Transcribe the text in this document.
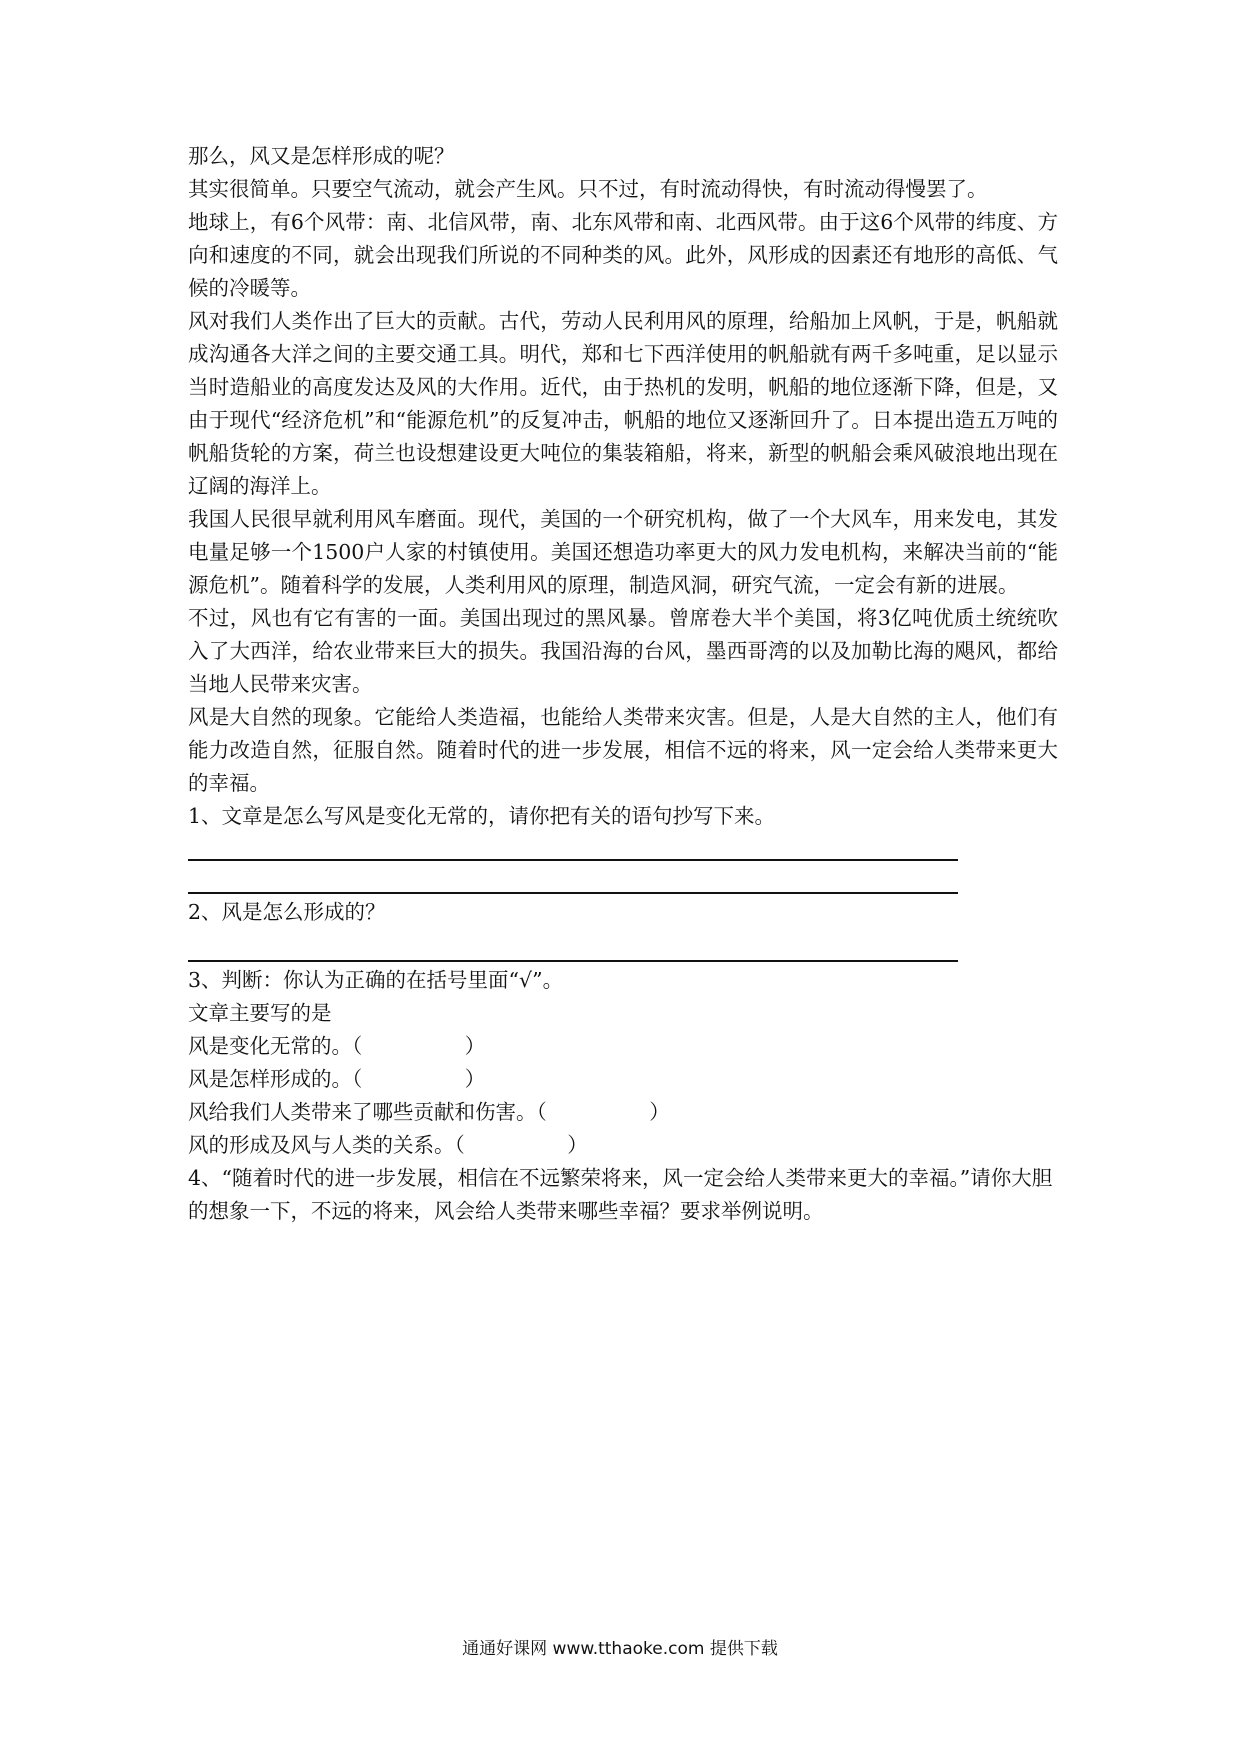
那么，风又是怎样形成的呢？

其实很简单。只要空气流动，就会产生风。只不过，有时流动得快，有时流动得慢罢了。

地球上，有6个风带：南、北信风带，南、北东风带和南、北西风带。由于这6个风带的纬度、方向和速度的不同，就会出现我们所说的不同种类的风。此外，风形成的因素还有地形的高低、气候的冷暖等。

风对我们人类作出了巨大的贡献。古代，劳动人民利用风的原理，给船加上风帆，于是，帆船就成沟通各大洋之间的主要交通工具。明代，郑和七下西洋使用的帆船就有两千多吨重，足以显示当时造船业的高度发达及风的大作用。近代，由于热机的发明，帆船的地位逐渐下降，但是，又由于现代“经济危机”和“能源危机”的反复冲击，帆船的地位又逐渐回升了。日本提出造五万吨的帆船货轮的方案，荷兰也设想建设更大吨位的集装箱船，将来，新型的帆船会乘风破浪地出现在辽阔的海洋上。

我国人民很早就利用风车磨面。现代，美国的一个研究机构，做了一个大风车，用来发电，其发电量足够一个1500户人家的村镇使用。美国还想造功率更大的风力发电机构，来解决当前的“能源危机”。随着科学的发展，人类利用风的原理，制造风洞，研究气流，一定会有新的进展。

不过，风也有它有害的一面。美国出现过的黑风暴。曾席卷大半个美国，将3亿吨优质土统统吹入了大西洋，给农业带来巨大的损失。我国沿海的台风，墨西哥湾的以及加勒比海的飓风，都给当地人民带来灾害。

风是大自然的现象。它能给人类造福，也能给人类带来灾害。但是，人是大自然的主人，他们有能力改造自然，征服自然。随着时代的进一步发展，相信不远的将来，风一定会给人类带来更大的幸福。

1、文章是怎么写风是变化无常的，请你把有关的语句抄写下来。

2、风是怎么形成的？

3、判断：你认为正确的在括号里面“√”。

文章主要写的是

风是变化无常的。（　　　　　）

风是怎样形成的。（　　　　　）

风给我们人类带来了哪些贡献和伤害。（　　　　　）

风的形成及风与人类的关系。（　　　　　）

4、“随着时代的进一步发展，相信在不远繁荣将来，风一定会给人类带来更大的幸福。”请你大胆的想象一下，不远的将来，风会给人类带来哪些幸福？要求举例说明。

通通好课网 www.tthaoke.com 提供下载
